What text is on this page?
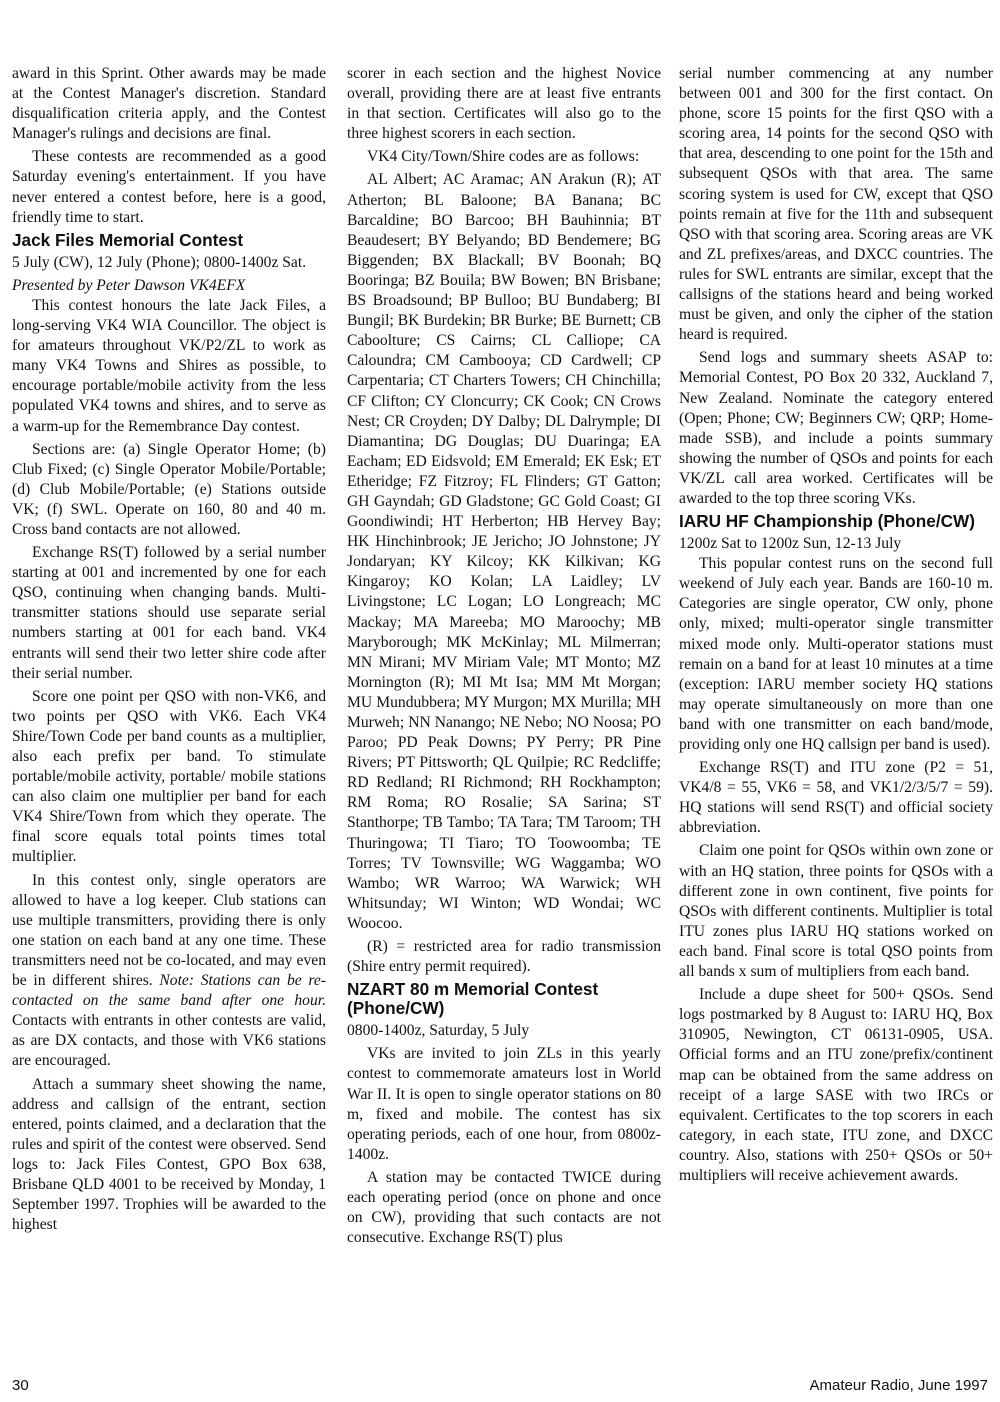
award in this Sprint. Other awards may be made at the Contest Manager's discretion. Standard disqualification criteria apply, and the Contest Manager's rulings and decisions are final.

These contests are recommended as a good Saturday evening's entertainment. If you have never entered a contest before, here is a good, friendly time to start.

Jack Files Memorial Contest

5 July (CW), 12 July (Phone); 0800-1400z Sat.

Presented by Peter Dawson VK4EFX

This contest honours the late Jack Files, a long-serving VK4 WIA Councillor. The object is for amateurs throughout VK/P2/ZL to work as many VK4 Towns and Shires as possible, to encourage portable/mobile activity from the less populated VK4 towns and shires, and to serve as a warm-up for the Remembrance Day contest.

Sections are: (a) Single Operator Home; (b) Club Fixed; (c) Single Operator Mobile/Portable; (d) Club Mobile/Portable; (e) Stations outside VK; (f) SWL. Operate on 160, 80 and 40 m. Cross band contacts are not allowed.

Exchange RS(T) followed by a serial number starting at 001 and incremented by one for each QSO, continuing when changing bands. Multi-transmitter stations should use separate serial numbers starting at 001 for each band. VK4 entrants will send their two letter shire code after their serial number.

Score one point per QSO with non-VK6, and two points per QSO with VK6. Each VK4 Shire/Town Code per band counts as a multiplier, also each prefix per band. To stimulate portable/mobile activity, portable/ mobile stations can also claim one multiplier per band for each VK4 Shire/Town from which they operate. The final score equals total points times total multiplier.

In this contest only, single operators are allowed to have a log keeper. Club stations can use multiple transmitters, providing there is only one station on each band at any one time. These transmitters need not be co-located, and may even be in different shires. Note: Stations can be re-contacted on the same band after one hour. Contacts with entrants in other contests are valid, as are DX contacts, and those with VK6 stations are encouraged.

Attach a summary sheet showing the name, address and callsign of the entrant, section entered, points claimed, and a declaration that the rules and spirit of the contest were observed. Send logs to: Jack Files Contest, GPO Box 638, Brisbane QLD 4001 to be received by Monday, 1 September 1997. Trophies will be awarded to the highest

scorer in each section and the highest Novice overall, providing there are at least five entrants in that section. Certificates will also go to the three highest scorers in each section.

VK4 City/Town/Shire codes are as follows:

AL Albert; AC Aramac; AN Arakun (R); AT Atherton; BL Baloone; BA Banana; BC Barcaldine; BO Barcoo; BH Bauhinnia; BT Beaudesert; BY Belyando; BD Bendemere; BG Biggenden; BX Blackall; BV Boonah; BQ Booringa; BZ Bouila; BW Bowen; BN Brisbane; BS Broadsound; BP Bulloo; BU Bundaberg; BI Bungil; BK Burdekin; BR Burke; BE Burnett; CB Caboolture; CS Cairns; CL Calliope; CA Caloundra; CM Cambooya; CD Cardwell; CP Carpentaria; CT Charters Towers; CH Chinchilla; CF Clifton; CY Cloncurry; CK Cook; CN Crows Nest; CR Croyden; DY Dalby; DL Dalrymple; DI Diamantina; DG Douglas; DU Duaringa; EA Eacham; ED Eidsvold; EM Emerald; EK Esk; ET Etheridge; FZ Fitzroy; FL Flinders; GT Gatton; GH Gayndah; GD Gladstone; GC Gold Coast; GI Goondiwindi; HT Herberton; HB Hervey Bay; HK Hinchinbrook; JE Jericho; JO Johnstone; JY Jondaryan; KY Kilcoy; KK Kilkivan; KG Kingaroy; KO Kolan; LA Laidley; LV Livingstone; LC Logan; LO Longreach; MC Mackay; MA Mareeba; MO Maroochy; MB Maryborough; MK McKinlay; ML Milmerran; MN Mirani; MV Miriam Vale; MT Monto; MZ Mornington (R); MI Mt Isa; MM Mt Morgan; MU Mundubbera; MY Murgon; MX Murilla; MH Murweh; NN Nanango; NE Nebo; NO Noosa; PO Paroo; PD Peak Downs; PY Perry; PR Pine Rivers; PT Pittsworth; QL Quilpie; RC Redcliffe; RD Redland; RI Richmond; RH Rockhampton; RM Roma; RO Rosalie; SA Sarina; ST Stanthorpe; TB Tambo; TA Tara; TM Taroom; TH Thuringowa; TI Tiaro; TO Toowoomba; TE Torres; TV Townsville; WG Waggamba; WO Wambo; WR Warroo; WA Warwick; WH Whitsunday; WI Winton; WD Wondai; WC Woocoo.

(R) = restricted area for radio transmission (Shire entry permit required).

NZART 80 m Memorial Contest (Phone/CW)

0800-1400z, Saturday, 5 July

VKs are invited to join ZLs in this yearly contest to commemorate amateurs lost in World War II. It is open to single operator stations on 80 m, fixed and mobile. The contest has six operating periods, each of one hour, from 0800z-1400z.

A station may be contacted TWICE during each operating period (once on phone and once on CW), providing that such contacts are not consecutive. Exchange RS(T) plus

serial number commencing at any number between 001 and 300 for the first contact. On phone, score 15 points for the first QSO with a scoring area, 14 points for the second QSO with that area, descending to one point for the 15th and subsequent QSOs with that area. The same scoring system is used for CW, except that QSO points remain at five for the 11th and subsequent QSO with that scoring area. Scoring areas are VK and ZL prefixes/areas, and DXCC countries. The rules for SWL entrants are similar, except that the callsigns of the stations heard and being worked must be given, and only the cipher of the station heard is required.

Send logs and summary sheets ASAP to: Memorial Contest, PO Box 20 332, Auckland 7, New Zealand. Nominate the category entered (Open; Phone; CW; Beginners CW; QRP; Home-made SSB), and include a points summary showing the number of QSOs and points for each VK/ZL call area worked. Certificates will be awarded to the top three scoring VKs.

IARU HF Championship (Phone/CW)

1200z Sat to 1200z Sun, 12-13 July

This popular contest runs on the second full weekend of July each year. Bands are 160-10 m. Categories are single operator, CW only, phone only, mixed; multi-operator single transmitter mixed mode only. Multi-operator stations must remain on a band for at least 10 minutes at a time (exception: IARU member society HQ stations may operate simultaneously on more than one band with one transmitter on each band/mode, providing only one HQ callsign per band is used).

Exchange RS(T) and ITU zone (P2 = 51, VK4/8 = 55, VK6 = 58, and VK1/2/3/5/7 = 59). HQ stations will send RS(T) and official society abbreviation.

Claim one point for QSOs within own zone or with an HQ station, three points for QSOs with a different zone in own continent, five points for QSOs with different continents. Multiplier is total ITU zones plus IARU HQ stations worked on each band. Final score is total QSO points from all bands x sum of multipliers from each band.

Include a dupe sheet for 500+ QSOs. Send logs postmarked by 8 August to: IARU HQ, Box 310905, Newington, CT 06131-0905, USA. Official forms and an ITU zone/prefix/continent map can be obtained from the same address on receipt of a large SASE with two IRCs or equivalent. Certificates to the top scorers in each category, in each state, ITU zone, and DXCC country. Also, stations with 250+ QSOs or 50+ multipliers will receive achievement awards.

30	Amateur Radio, June 1997
